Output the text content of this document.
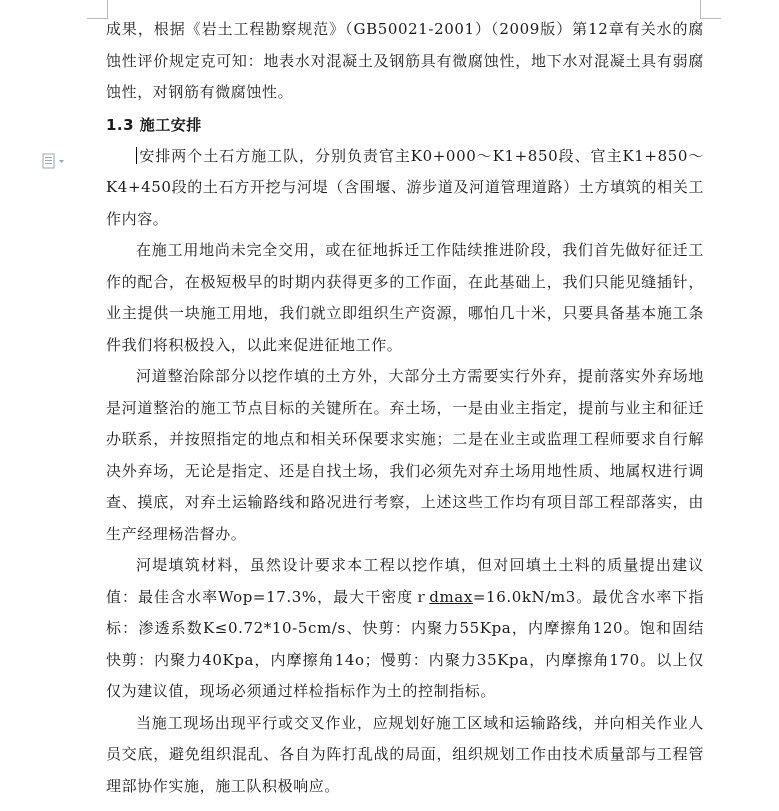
成果，根据《岩土工程勘察规范》（GB50021-2001）（2009版）第12章有关水的腐蚀性评价规定克可知：地表水对混凝土及钢筋具有微腐蚀性，地下水对混凝土具有弱腐蚀性，对钢筋有微腐蚀性。

1.3 施工安排

安排两个土石方施工队，分别负责官主K0+000～K1+850段、官主K1+850～K4+450段的土石方开挖与河堤（含围堰、游步道及河道管理道路）土方填筑的相关工作内容。

在施工用地尚未完全交用，或在征地拆迁工作陆续推进阶段，我们首先做好征迁工作的配合，在极短极早的时期内获得更多的工作面，在此基础上，我们只能见缝插针，业主提供一块施工用地，我们就立即组织生产资源，哪怕几十米，只要具备基本施工条件我们将积极投入，以此来促进征地工作。

河道整治除部分以挖作填的土方外，大部分土方需要实行外弃，提前落实外弃场地是河道整治的施工节点目标的关键所在。弃土场，一是由业主指定，提前与业主和征迁办联系，并按照指定的地点和相关环保要求实施；二是在业主或监理工程师要求自行解决外弃场，无论是指定、还是自找土场，我们必须先对弃土场用地性质、地属权进行调查、摸底，对弃土运输路线和路况进行考察，上述这些工作均有项目部工程部落实，由生产经理杨浩督办。

河堤填筑材料，虽然设计要求本工程以挖作填，但对回填土土料的质量提出建议值：最佳含水率Wop=17.3%，最大干密度ｒdmax=16.0kN/m3。最优含水率下指标：渗透系数K≤0.72*10-5cm/s、快剪：内聚力55Kpa，内摩擦角120。饱和固结快剪：内聚力40Kpa，内摩擦角14o；慢剪：内聚力35Kpa，内摩擦角170。以上仅仅为建议值，现场必须通过样检指标作为土的控制指标。

当施工现场出现平行或交叉作业，应规划好施工区域和运输路线，并向相关作业人员交底，避免组织混乱、各自为阵打乱战的局面，组织规划工作由技术质量部与工程管理部协作实施，施工队积极响应。
